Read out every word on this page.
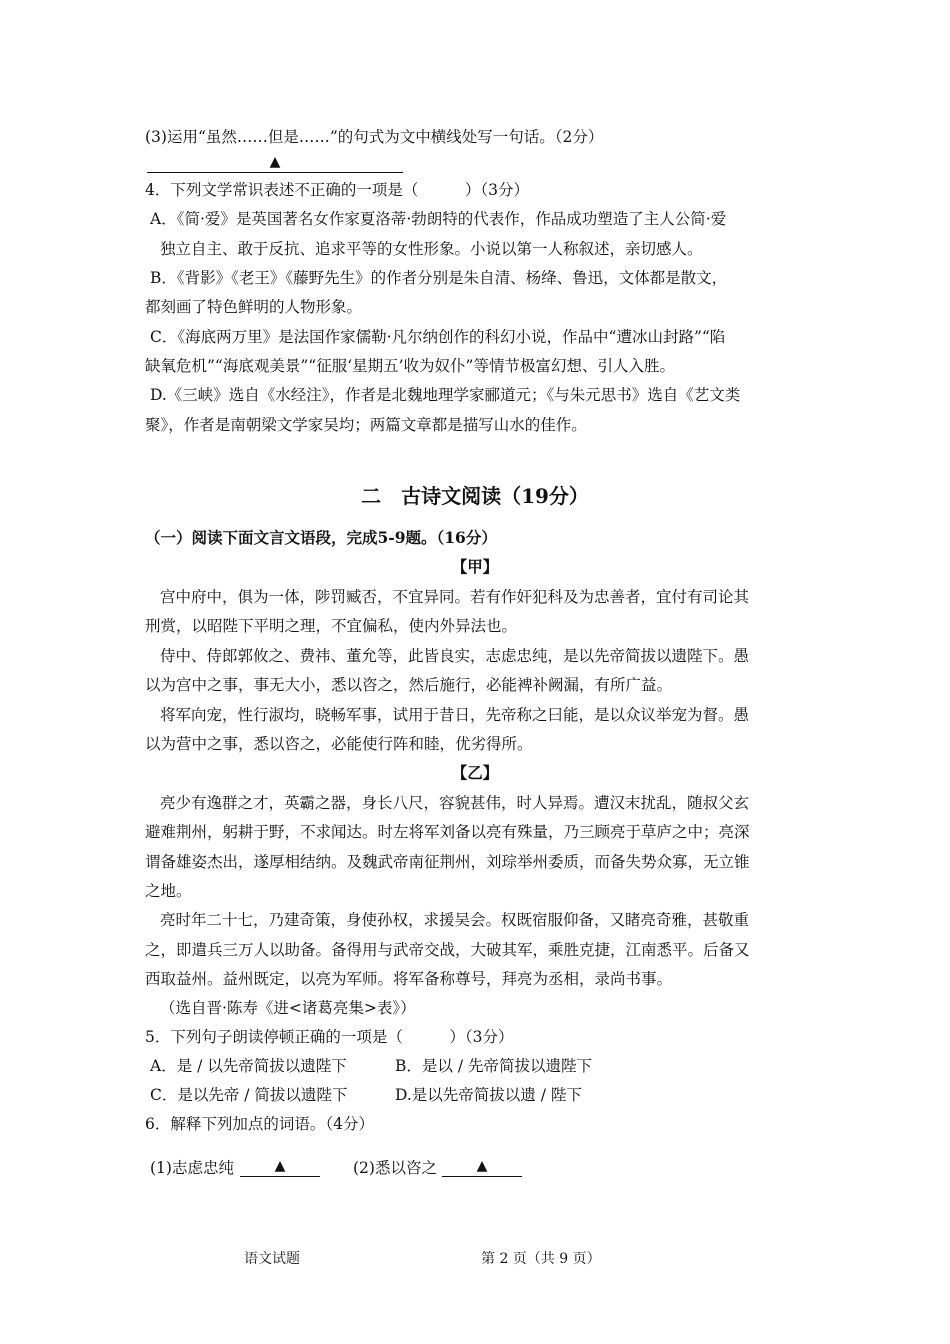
(3)运用“虽然……但是……”的句式为文中横线处写一句话。（2分）
▲
4．下列文学常识表述不正确的一项是（　　　）（3分）
A．《简·爱》是英国著名女作家夏洛蒂·勃朗特的代表作，作品成功塑造了主人公简·爱
独立自主、敢于反抗、追求平等的女性形象。小说以第一人称叙述，亲切感人。
B．《背影》《老王》《藤野先生》的作者分别是朱自清、杨绛、鲁迅，文体都是散文，
都刻画了特色鲜明的人物形象。
C．《海底两万里》是法国作家儒勒·凡尔纳创作的科幻小说，作品中“遭冰山封路”“陷
缺氧危机”“海底观美景”“征服‘星期五’收为奴仆”等情节极富幻想、引人入胜。
D.《三峡》选自《水经注》，作者是北魏地理学家郦道元；《与朱元思书》选自《艺文类
聚》，作者是南朝梁文学家吴均；两篇文章都是描写山水的佳作。
二　古诗文阅读（19分）
（一）阅读下面文言文语段，完成5-9题。（16分）
【甲】
宫中府中，俱为一体，陟罚臧否，不宜异同。若有作奸犯科及为忠善者，宜付有司论其
刑赏，以昭陛下平明之理，不宜偏私，使内外异法也。
侍中、侍郎郭攸之、费祎、董允等，此皆良实，志虑忠纯，是以先帝简拔以遗陛下。愚
以为宫中之事，事无大小，悉以咨之，然后施行，必能裨补阙漏，有所广益。
将军向宠，性行淑均，晓畅军事，试用于昔日，先帝称之曰能，是以众议举宠为督。愚
以为营中之事，悉以咨之，必能使行阵和睦，优劣得所。
【乙】
亮少有逸群之才，英霸之器，身长八尺，容貌甚伟，时人异焉。遭汉末扰乱，随叔父玄
避难荆州，躬耕于野，不求闻达。时左将军刘备以亮有殊量，乃三顾亮于草庐之中；亮深
谓备雄姿杰出，遂厚相结纳。及魏武帝南征荆州，刘琮举州委质，而备失势众寡，无立锥
之地。
亮时年二十七，乃建奇策，身使孙权，求援吴会。权既宿服仰备，又睹亮奇雅，甚敬重
之，即遣兵三万人以助备。备得用与武帝交战，大破其军，乘胜克捷，江南悉平。后备又
西取益州。益州既定，以亮为军师。将军备称尊号，拜亮为丞相，录尚书事。
（选自晋·陈寿《进<诸葛亮集>表》）
5．下列句子朗读停顿正确的一项是（　　　）（3分）
A．是 / 以先帝简拔以遗陛下	B．是以 / 先帝简拔以遗陛下
C．是以先帝 / 简拔以遗陛下	D.是以先帝简拔以遗 / 陛下
6．解释下列加点的词语。（4分）
(1)志虑忠纯	▲	(2)悉以咨之	▲
语文试题	第 2 页（共 9 页）
